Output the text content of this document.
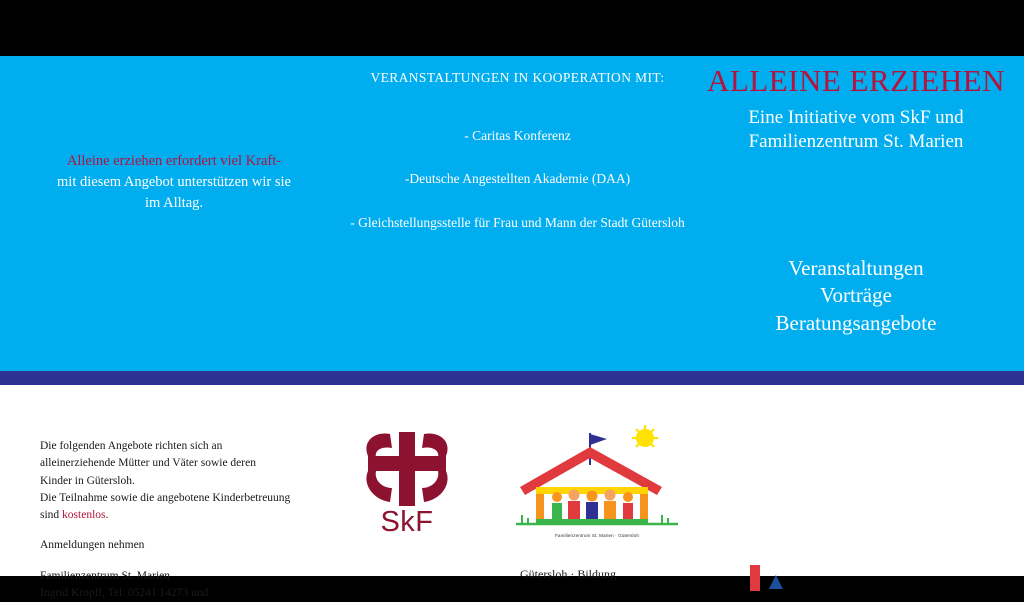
Alleine erziehen erfordert viel Kraft-
mit diesem Angebot unterstützen wir sie
im Alltag.
VERANSTALTUNGEN IN KOOPERATION MIT:
- Caritas Konferenz
-Deutsche Angestellten Akademie (DAA)
- Gleichstellungsstelle für Frau und Mann der Stadt Gütersloh
ALLEINE ERZIEHEN
Eine Initiative vom SkF und
Familienzentrum St. Marien
Veranstaltungen
Vorträge
Beratungsangebote
Die folgenden Angebote richten sich an
alleinerziehende Mütter und Väter sowie deren
Kinder in Gütersloh.
Die Teilnahme sowie die angebotene Kinderbetreuung
sind kostenlos.
Anmeldungen nehmen
Familienzentrum St. Marien
Ingrid Kropff, Tel. 05241 14273 und
SkF	Familienzentrum St. Marien · Gütersloh
Gütersloh · Bildung	▲
